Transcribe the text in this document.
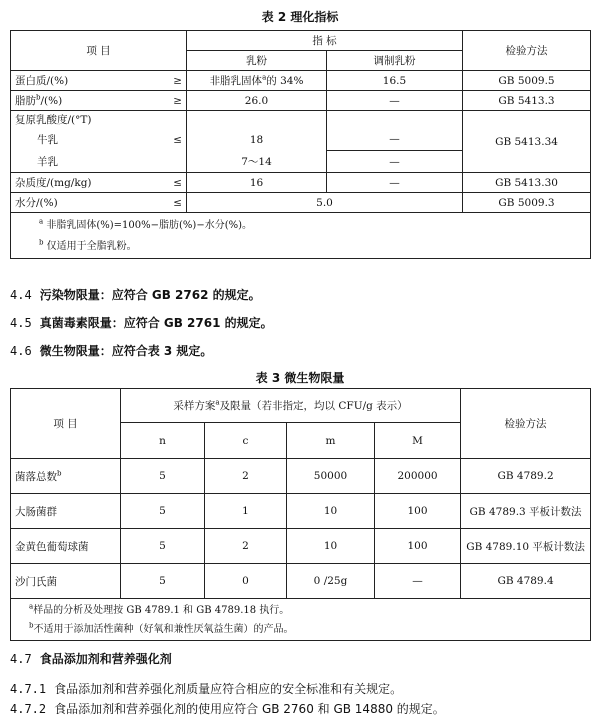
表 2 理化指标
项 目		指 标		检验方法
		乳粉	调制乳粉	
蛋白质/(%)	≥	非脂乳固体$^a$的 34%	16.5	GB 5009.5
脂肪$^b$/(%)	≥	26.0	—	GB 5413.3
复原乳酸度/(°T)				GB 5413.34
牛乳	≤	18	—	
羊乳		7～14	—	
杂质度/(mg/kg)	≤	16	—	GB 5413.30
水分/(%)	≤	5.0		GB 5009.3

$^a$ 非脂乳固体(%)=100%−脂肪(%)−水分(%)。
$^b$ 仅适用于全脂乳粉。				
4.4 污染物限量：应符合 GB 2762 的规定。
4.5 真菌毒素限量：应符合 GB 2761 的规定。
4.6 微生物限量：应符合表 3 规定。
表 3 微生物限量
项 目	采样方案$^a$及限量（若非指定，均以 CFU/g 表示）				检验方法
	n	c	m	M	
菌落总数$^b$	5	2	50000	200000	GB 4789.2
大肠菌群	5	1	10	100	GB 4789.3 平板计数法
金黄色葡萄球菌	5	2	10	100	GB 4789.10 平板计数法
沙门氏菌	5	0	0 /25g	—	GB 4789.4

$^a$样品的分析及处理按 GB 4789.1 和 GB 4789.18 执行。
$^b$不适用于添加活性菌种（好氧和兼性厌氧益生菌）的产品。					
4.7 食品添加剂和营养强化剂
4.7.1 食品添加剂和营养强化剂质量应符合相应的安全标准和有关规定。
4.7.2 食品添加剂和营养强化剂的使用应符合 GB 2760 和 GB 14880 的规定。
